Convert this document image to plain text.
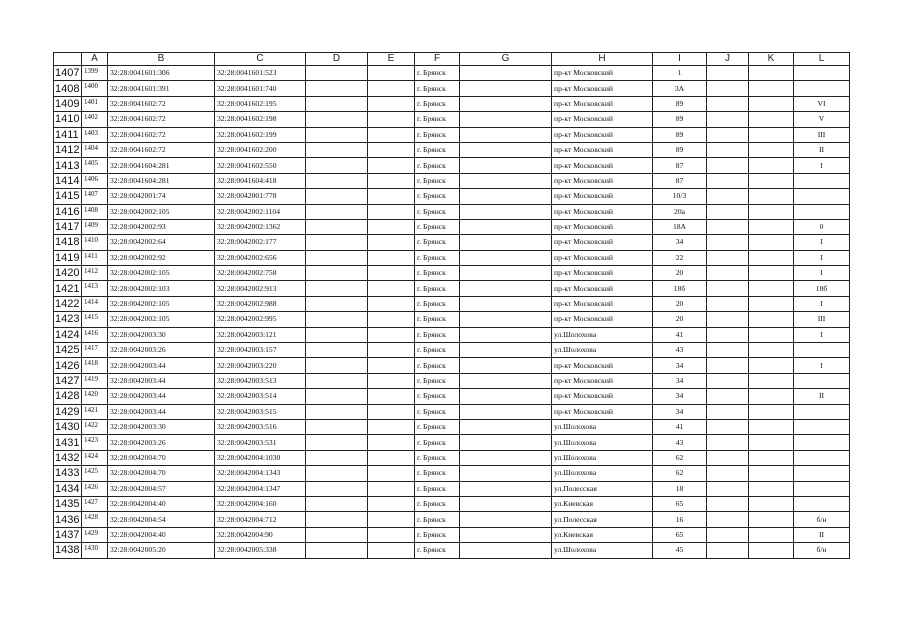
	A	B	C	D	E	F	G	H	I	J	K	L
1407	1399	32:28:0041601:306	32:28:0041601:523			г. Брянск		пр-кт Московский	1			
1408	1400	32:28:0041601:391	32:28:0041601:740			г. Брянск		пр-кт Московский	3А			
1409	1401	32:28:0041602:72	32:28:0041602:195			г. Брянск		пр-кт Московский	89			VI
1410	1402	32:28:0041602:72	32:28:0041602:198			г. Брянск		пр-кт Московский	89			V
1411	1403	32:28:0041602:72	32:28:0041602:199			г. Брянск		пр-кт Московский	89			III
1412	1404	32:28:0041602:72	32:28:0041602:200			г. Брянск		пр-кт Московский	89			II
1413	1405	32:28:0041604:281	32:28:0041602:550			г. Брянск		пр-кт Московский	87			I
1414	1406	32:28:0041604:281	32:28:0041604:418			г. Брянск		пр-кт Московский	87			
1415	1407	32:28:0042001:74	32:28:0042001:778			г. Брянск		пр-кт Московский	10/3			
1416	1408	32:28:0042002:105	32:28:0042002:1104			г. Брянск		пр-кт Московский	20а			
1417	1409	32:28:0042002:93	32:28:0042002:1362			г. Брянск		пр-кт Московский	18А			0
1418	1410	32:28:0042002:64	32:28:0042002:177			г. Брянск		пр-кт Московский	34			I
1419	1411	32:28:0042002:92	32:28:0042002:656			г. Брянск		пр-кт Московский	22			I
1420	1412	32:28:0042002:105	32:28:0042002:758			г. Брянск		пр-кт Московский	20			I
1421	1413	32:28:0042002:103	32:28:0042002:913			г. Брянск		пр-кт Московский	18б			18б
1422	1414	32:28:0042002:105	32:28:0042002:988			г. Брянск		пр-кт Московский	20			I
1423	1415	32:28:0042002:105	32:28:0042002:995			г. Брянск		пр-кт Московский	20			III
1424	1416	32:28:0042003:30	32:28:0042003:121			г. Брянск		ул.Шолохова	41			I
1425	1417	32:28:0042003:26	32:28:0042003:157			г. Брянск		ул.Шолохова	43			
1426	1418	32:28:0042003:44	32:28:0042003:220			г. Брянск		пр-кт Московский	34			I
1427	1419	32:28:0042003:44	32:28:0042003:513			г. Брянск		пр-кт Московский	34			
1428	1420	32:28:0042003:44	32:28:0042003:514			г. Брянск		пр-кт Московский	34			II
1429	1421	32:28:0042003:44	32:28:0042003:515			г. Брянск		пр-кт Московский	34			
1430	1422	32:28:0042003:30	32:28:0042003:516			г. Брянск		ул.Шолохова	41			
1431	1423	32:28:0042003:26	32:28:0042003:531			г. Брянск		ул.Шолохова	43			
1432	1424	32:28:0042004:70	32:28:0042004:1030			г. Брянск		ул.Шолохова	62			
1433	1425	32:28:0042004:70	32:28:0042004:1343			г. Брянск		ул.Шолохова	62			
1434	1426	32:28:0042004:57	32:28:0042004:1347			г. Брянск		ул.Полесская	18			
1435	1427	32:28:0042004:40	32:28:0042004:160			г. Брянск		ул.Киевская	65			
1436	1428	32:28:0042004:54	32:28:0042004:712			г. Брянск		ул.Полесская	16			б/н
1437	1429	32:28:0042004:40	32:28:0042004:90			г. Брянск		ул.Киевская	65			II
1438	1430	32:28:0042005:20	32:28:0042005:338			г. Брянск		ул.Шолохова	45			б/н
